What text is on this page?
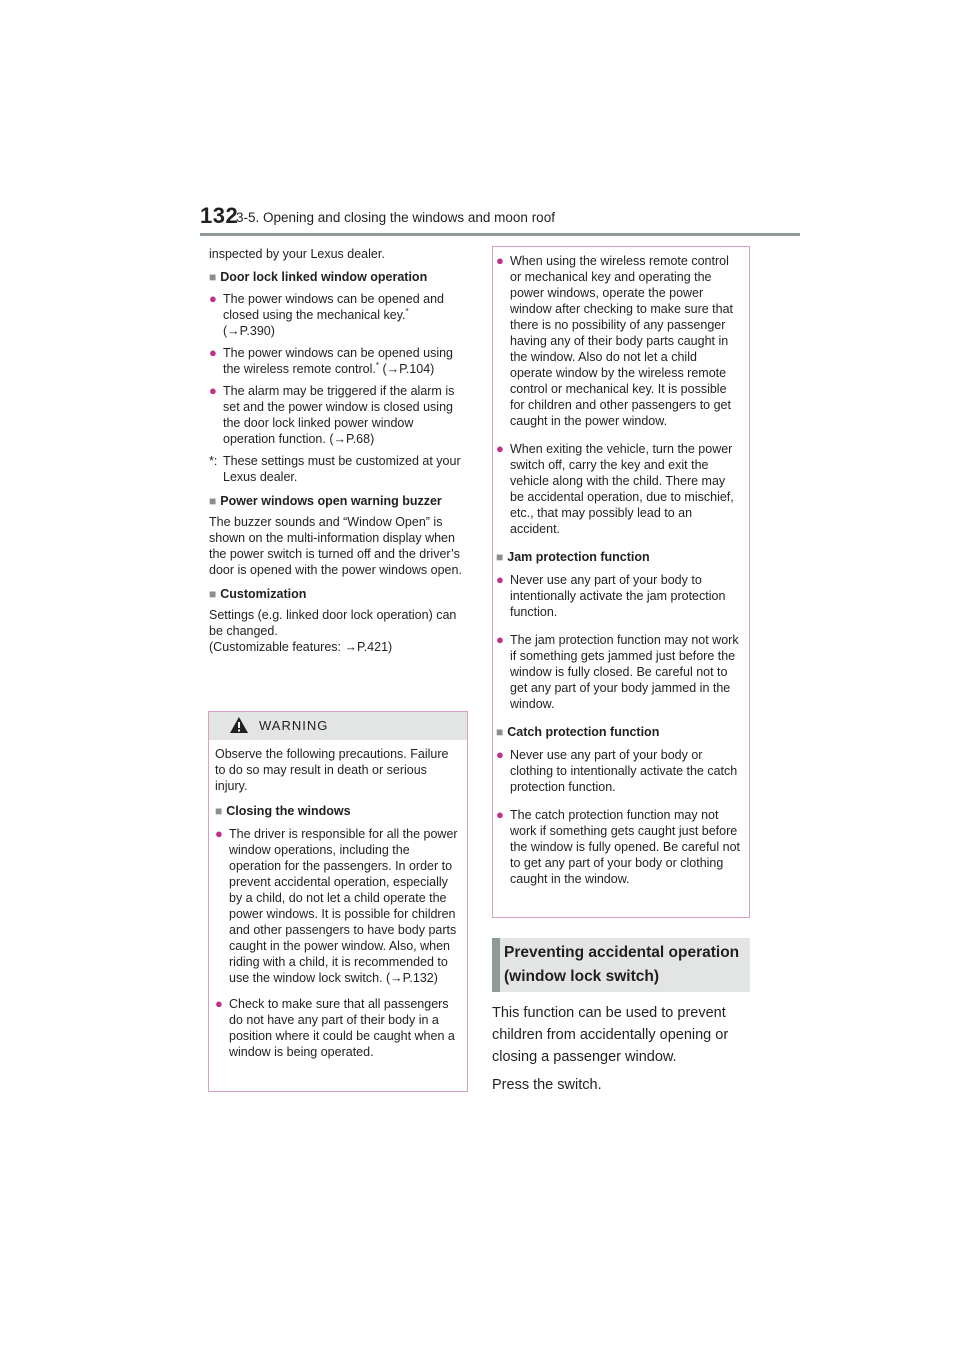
132
3-5. Opening and closing the windows and moon roof

inspected by your Lexus dealer.

■ Door lock linked window operation
● The power windows can be opened and closed using the mechanical key.*
(→P.390)
● The power windows can be opened using the wireless remote control.* (→P.104)
● The alarm may be triggered if the alarm is set and the power window is closed using the door lock linked power window operation function. (→P.68)
*: These settings must be customized at your Lexus dealer.
■ Power windows open warning buzzer

The buzzer sounds and “Window Open” is shown on the multi-information display when the power switch is turned off and the driver’s door is opened with the power windows open.

■ Customization

Settings (e.g. linked door lock operation) can be changed.

(Customizable features: →P.421)

WARNING

Observe the following precautions. Failure to do so may result in death or serious injury.

■ Closing the windows
● The driver is responsible for all the power window operations, including the operation for the passengers. In order to prevent accidental operation, especially by a child, do not let a child operate the power windows. It is possible for children and other passengers to have body parts caught in the power window. Also, when riding with a child, it is recommended to use the window lock switch. (→P.132)
● Check to make sure that all passengers do not have any part of their body in a position where it could be caught when a window is being operated.
● When using the wireless remote control or mechanical key and operating the power windows, operate the power window after checking to make sure that there is no possibility of any passenger having any of their body parts caught in the window. Also do not let a child operate window by the wireless remote control or mechanical key. It is possible for children and other passengers to get caught in the power window.
● When exiting the vehicle, turn the power switch off, carry the key and exit the vehicle along with the child. There may be accidental operation, due to mischief, etc., that may possibly lead to an accident.
■ Jam protection function
● Never use any part of your body to intentionally activate the jam protection function.
● The jam protection function may not work if something gets jammed just before the window is fully closed. Be careful not to get any part of your body jammed in the window.
■ Catch protection function
● Never use any part of your body or clothing to intentionally activate the catch protection function.
● The catch protection function may not work if something gets caught just before the window is fully opened. Be careful not to get any part of your body or clothing caught in the window.
Preventing accidental operation (window lock switch)

This function can be used to prevent children from accidentally opening or closing a passenger window.

Press the switch.
